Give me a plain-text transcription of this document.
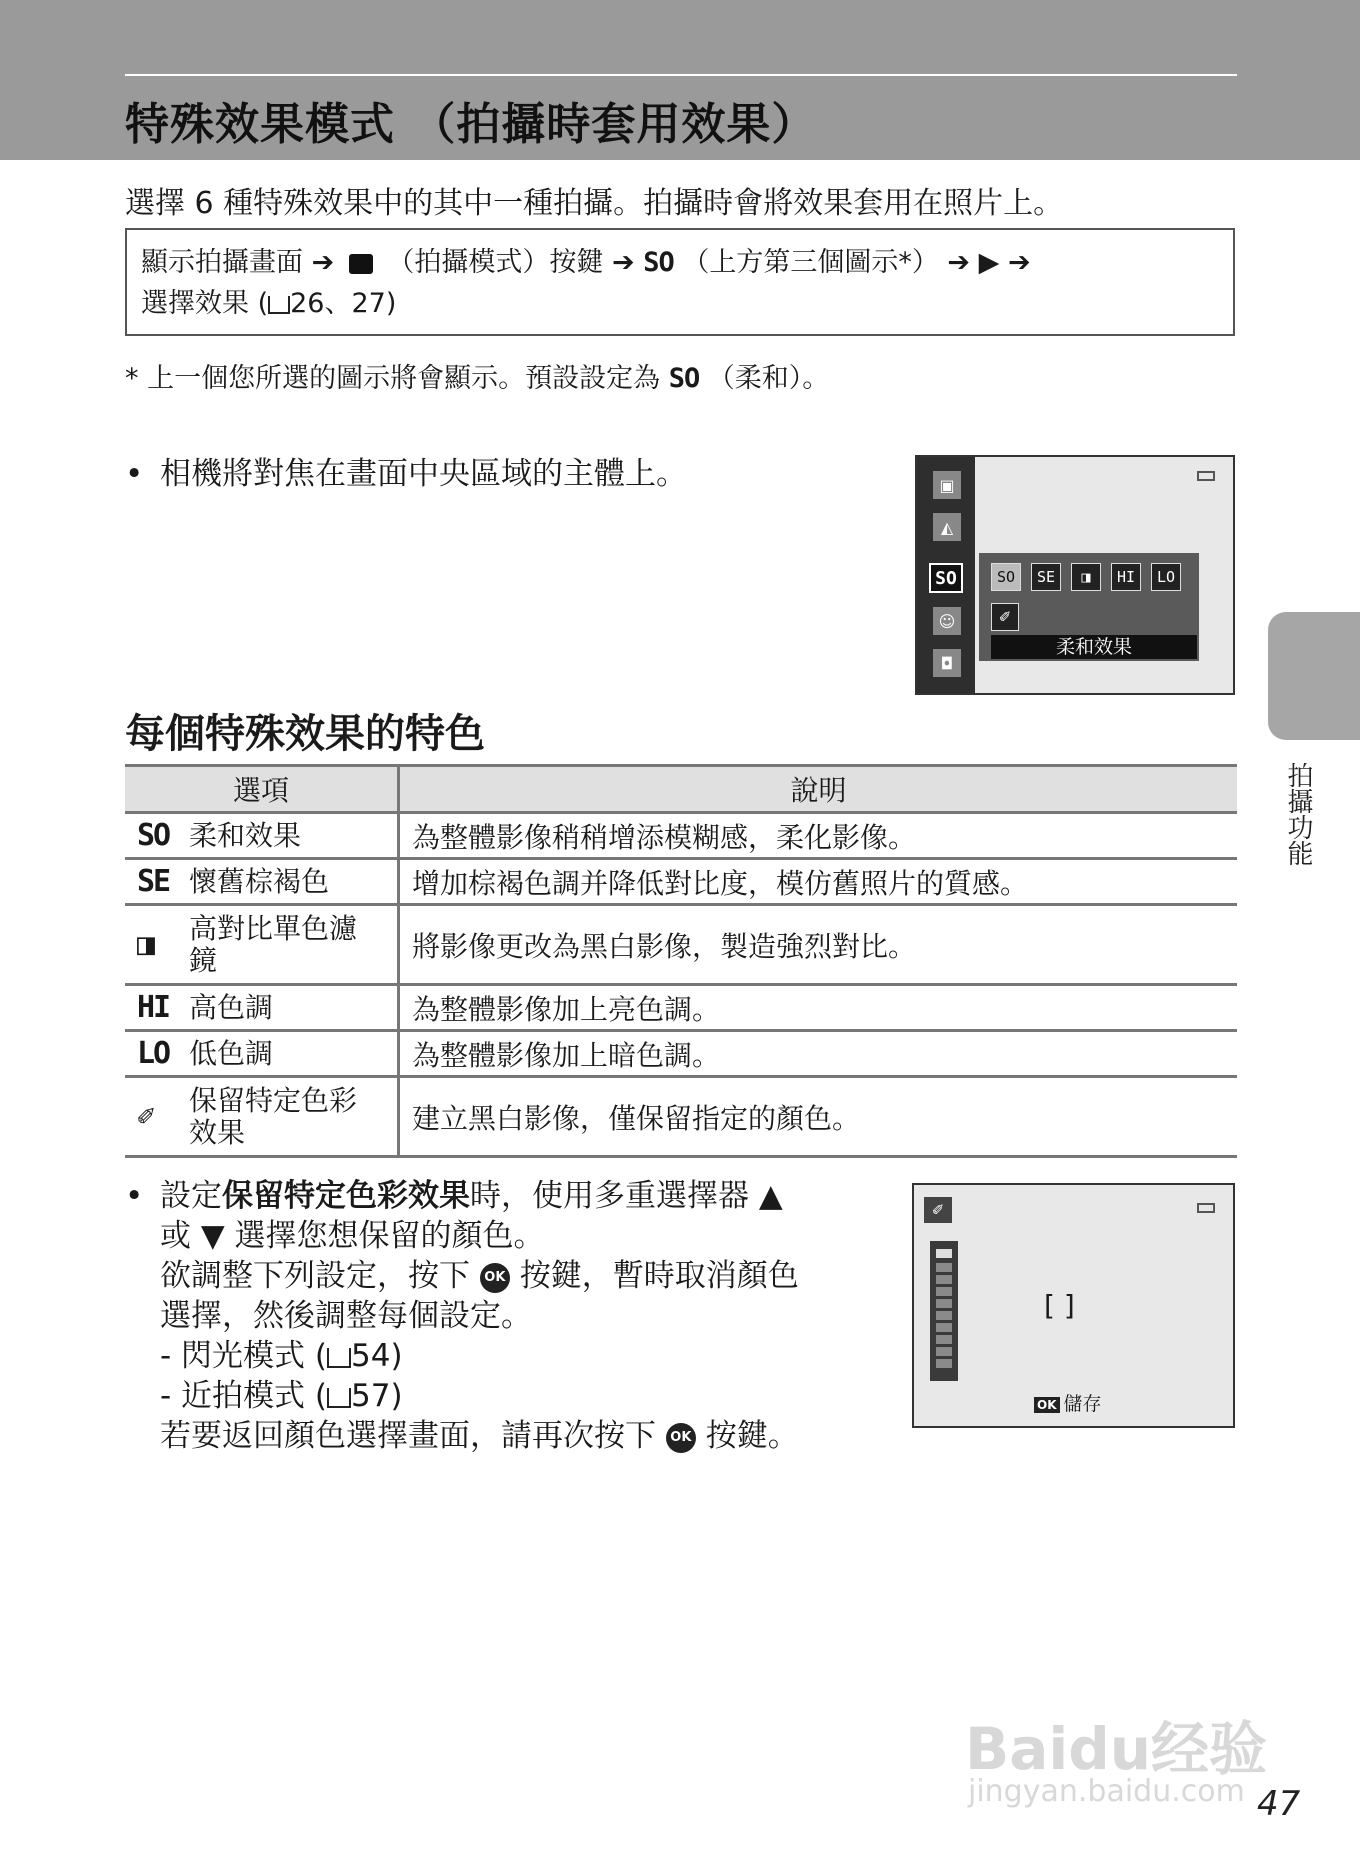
特殊效果模式 （拍攝時套用效果）
選擇 6 種特殊效果中的其中一種拍攝。拍攝時會將效果套用在照片上。
顯示拍攝畫面 ➔ （拍攝模式）按鍵 ➔ SO （上方第三個圖示*） ➔ ▶ ➔
選擇效果 ( 26、27)
* 上一個您所選的圖示將會顯示。預設設定為 SO （柔和）。
• 相機將對焦在畫面中央區域的主體上。	▣
◭
SO
☺
◘
SO	SE	◨	HI	LO
✐
柔和效果
每個特殊效果的特色
選項	說明

SO 柔和效果	為整體影像稍稍增添模糊感，柔化影像。

SE 懷舊棕褐色	增加棕褐色調并降低對比度，模仿舊照片的質感。

◨ 高對比單色濾鏡	將影像更改為黑白影像，製造強烈對比。

HI 高色調	為整體影像加上亮色調。

LO 低色調	為整體影像加上暗色調。

✐ 保留特定色彩效果	建立黑白影像，僅保留指定的顏色。
• 設定保留特定色彩效果時，使用多重選擇器 ▲
或 ▼ 選擇您想保留的顏色。
欲調整下列設定，按下 OK 按鍵，暫時取消顏色
選擇，然後調整每個設定。
- 閃光模式 ( 54)
- 近拍模式 ( 57)
若要返回顏色選擇畫面，請再次按下 OK 按鍵。
✐
[ ]
OK 儲存
拍攝功能
Baidu经验
jingyan.baidu.com 47
